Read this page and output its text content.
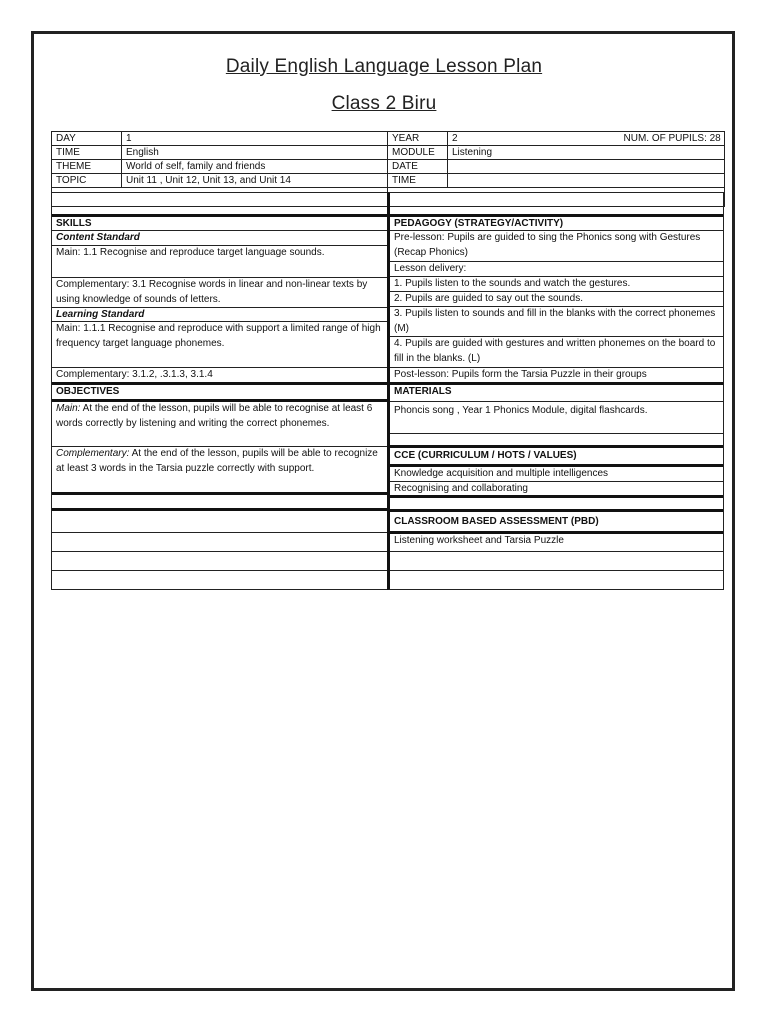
Daily English Language Lesson Plan
Class 2 Biru
DAY	1	YEAR	2 NUM. OF PUPILS: 28

TIME	English	MODULE	Listening
THEME	World of self, family and friends	DATE	
TOPIC	Unit 11 , Unit 12, Unit 13, and Unit 14	TIME	

SKILLS
Content Standard
Main: 1.1 Recognise and reproduce target language sounds.
Complementary: 3.1 Recognise words in linear and non-linear texts by using knowledge of sounds of letters.
Learning Standard
Main: 1.1.1 Recognise and reproduce with support a limited range of high frequency target language phonemes.
Complementary: 3.1.2, .3.1.3, 3.1.4
OBJECTIVES
Main: At the end of the lesson, pupils will be able to recognise at least 6 words correctly by listening and writing the correct phonemes.
Complementary: At the end of the lesson, pupils will be able to recognize at least 3 words in the Tarsia puzzle correctly with support.
PEDAGOGY (STRATEGY/ACTIVITY)
Pre-lesson: Pupils are guided to sing the Phonics song with Gestures (Recap Phonics)
Lesson delivery:
1. Pupils listen to the sounds and watch the gestures.
2. Pupils are guided to say out the sounds.
3. Pupils listen to sounds and fill in the blanks with the correct phonemes (M)
4. Pupils are guided with gestures and written phonemes on the board to fill in the blanks. (L)
Post-lesson: Pupils form the Tarsia Puzzle in their groups
MATERIALS
Phoncis song , Year 1 Phonics Module, digital flashcards.
CCE (CURRICULUM / HOTS / VALUES)
Knowledge acquisition and multiple intelligences
Recognising and collaborating
CLASSROOM BASED ASSESSMENT (PBD)
Listening worksheet and Tarsia Puzzle
